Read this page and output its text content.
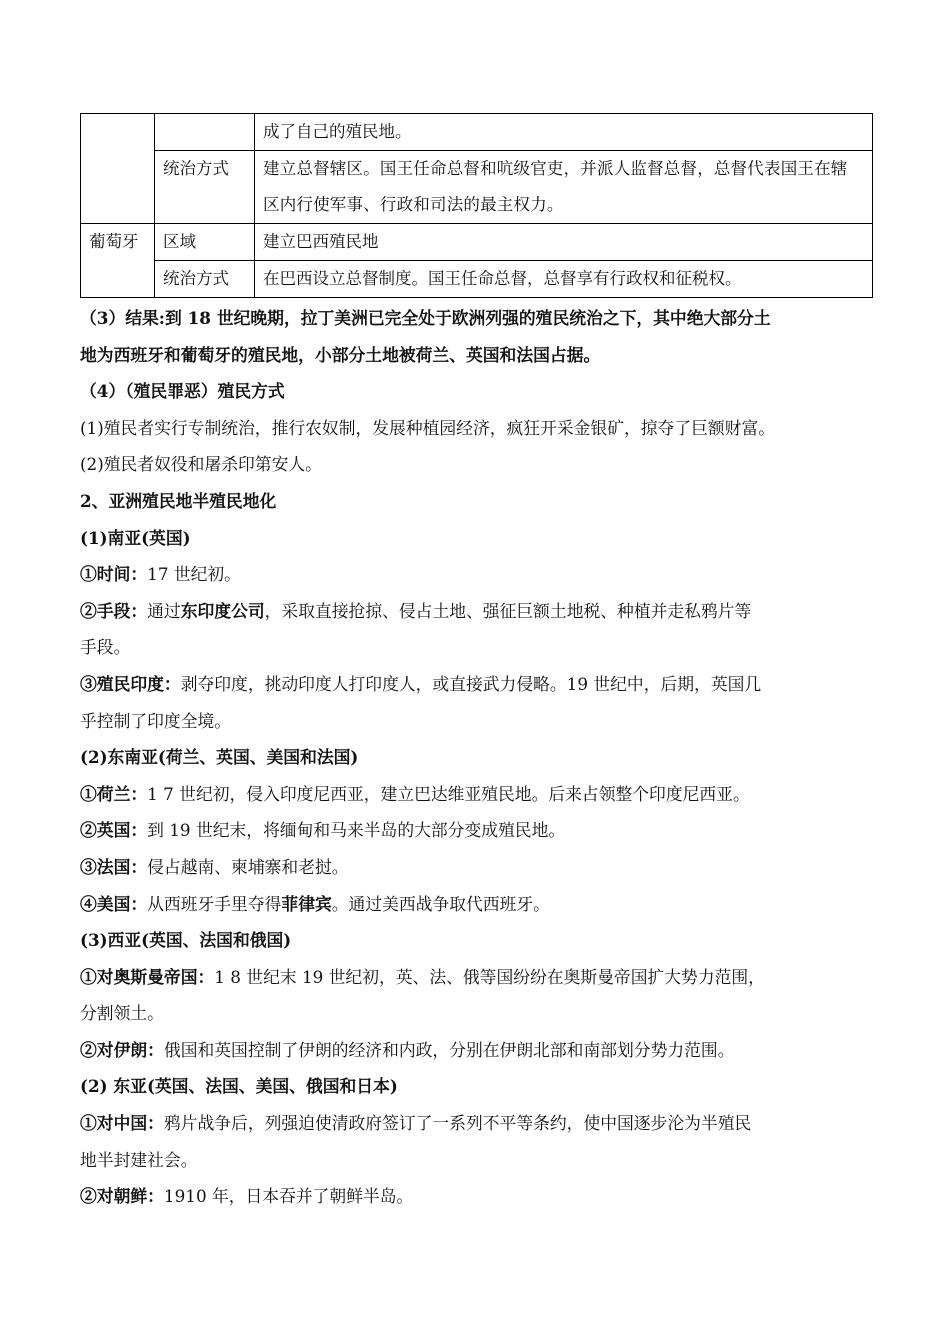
		成了自己的殖民地。
	统治方式	建立总督辖区。国王任命总督和吭级官吏，并派人监督总督，总督代表国王在辖区内行使军事、行政和司法的最主权力。
葡萄牙	区域	建立巴西殖民地
	统治方式	在巴西设立总督制度。国王任命总督，总督享有行政权和征税权。

（3）结果:到 18 世纪晚期，拉丁美洲已完全处于欧洲列强的殖民统治之下，其中绝大部分土

地为西班牙和葡萄牙的殖民地，小部分土地被荷兰、英国和法国占据。

（4）（殖民罪恶）殖民方式

(1)殖民者实行专制统治，推行农奴制，发展种植园经济，疯狂开采金银矿，掠夺了巨额财富。

(2)殖民者奴役和屠杀印第安人。

2、亚洲殖民地半殖民地化

(1)南亚(英国)

①时间：17 世纪初。

②手段：通过东印度公司，采取直接抢掠、侵占土地、强征巨额土地税、种植并走私鸦片等

手段。

③殖民印度：剥夺印度，挑动印度人打印度人，或直接武力侵略。19 世纪中，后期，英国几

乎控制了印度全境。

(2)东南亚(荷兰、英国、美国和法国)

①荷兰：1 7 世纪初，侵入印度尼西亚，建立巴达维亚殖民地。后来占领整个印度尼西亚。

②英国：到 19 世纪末，将缅甸和马来半岛的大部分变成殖民地。

③法国：侵占越南、柬埔寨和老挝。

④美国：从西班牙手里夺得菲律宾。通过美西战争取代西班牙。

(3)西亚(英国、法国和俄国)

①对奥斯曼帝国：1 8 世纪末 19 世纪初，英、法、俄等国纷纷在奥斯曼帝国扩大势力范围，

分割领土。

②对伊朗：俄国和英国控制了伊朗的经济和内政，分别在伊朗北部和南部划分势力范围。

(2) 东亚(英国、法国、美国、俄国和日本)

①对中国：鸦片战争后，列强迫使清政府签订了一系列不平等条约，使中国逐步沦为半殖民

地半封建社会。

②对朝鲜：1910 年，日本吞并了朝鲜半岛。
